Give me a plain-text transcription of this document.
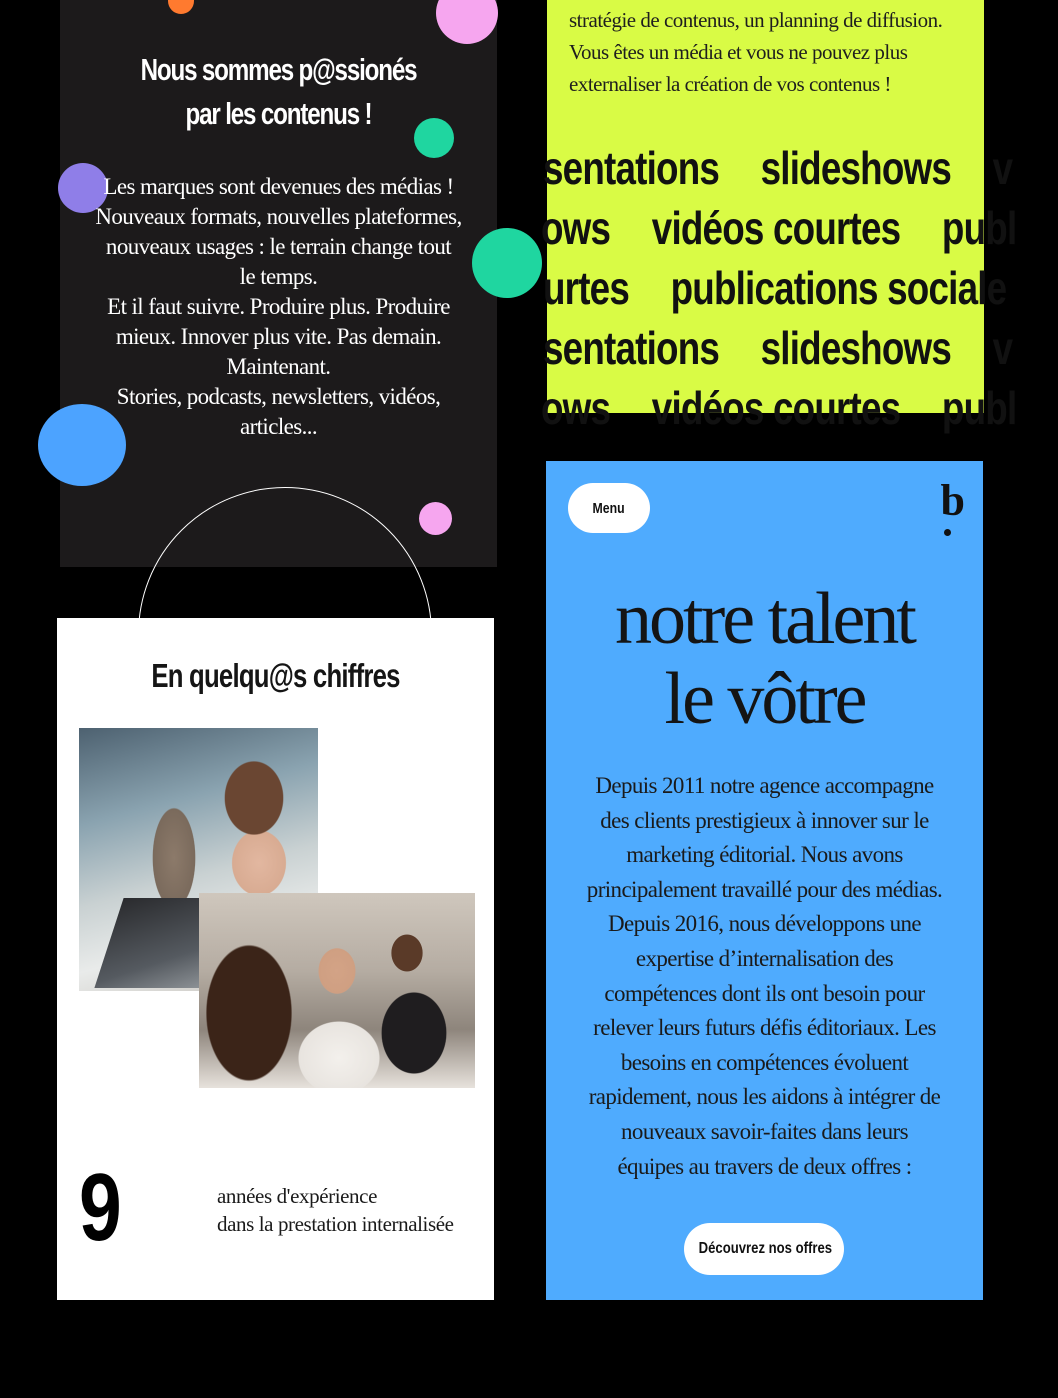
Nous sommes p@ssionés
par les contenus !
Les marques sont devenues des médias !
Nouveaux formats, nouvelles plateformes,
nouveaux usages : le terrain change tout
le temps.
Et il faut suivre. Produire plus. Produire
mieux. Innover plus vite. Pas demain.
Maintenant.
Stories, podcasts, newsletters, vidéos,
articles...
stratégie de contenus, un planning de diffusion.
Vous êtes un média et vous ne pouvez plus
externaliser la création de vos contenus !
sentations slideshows v
ows vidéos courtes publ
urtes publications sociale
sentations slideshows v
ows vidéos courtes publ
En quelqu@s chiffres
9	années d'expérience
dans la prestation internalisée
10
Menu	b
notre talent
le vôtre
Depuis 2011 notre agence accompagne
des clients prestigieux à innover sur le
marketing éditorial. Nous avons
principalement travaillé pour des médias.
Depuis 2016, nous développons une
expertise d’internalisation des
compétences dont ils ont besoin pour
relever leurs futurs défis éditoriaux. Les
besoins en compétences évoluent
rapidement, nous les aidons à intégrer de
nouveaux savoir-faites dans leurs
équipes au travers de deux offres :
Découvrez nos offres
